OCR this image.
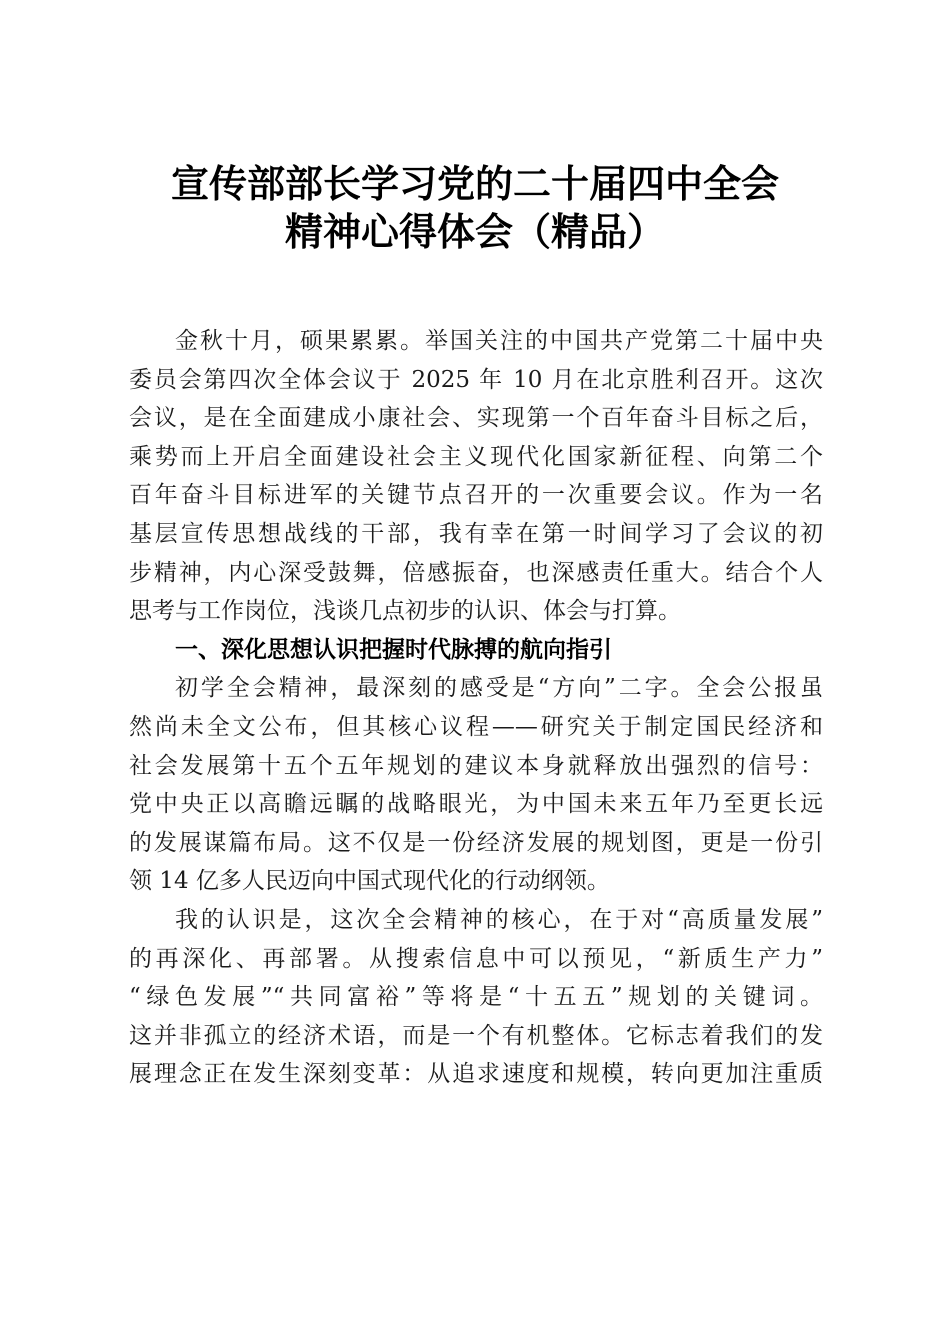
宣传部部长学习党的二十届四中全会
精神心得体会（精品）
金秋十月，硕果累累。举国关注的中国共产党第二十届中央
委员会第四次全体会议于 2025 年 10 月在北京胜利召开。这次
会议，是在全面建成小康社会、实现第一个百年奋斗目标之后，
乘势而上开启全面建设社会主义现代化国家新征程、向第二个
百年奋斗目标进军的关键节点召开的一次重要会议。作为一名
基层宣传思想战线的干部，我有幸在第一时间学习了会议的初
步精神，内心深受鼓舞，倍感振奋，也深感责任重大。结合个人
思考与工作岗位，浅谈几点初步的认识、体会与打算。
一、深化思想认识把握时代脉搏的航向指引
初学全会精神，最深刻的感受是“方向”二字。全会公报虽
然尚未全文公布，但其核心议程——研究关于制定国民经济和
社会发展第十五个五年规划的建议本身就释放出强烈的信号：
党中央正以高瞻远瞩的战略眼光，为中国未来五年乃至更长远
的发展谋篇布局。这不仅是一份经济发展的规划图，更是一份引
领 14 亿多人民迈向中国式现代化的行动纲领。
我的认识是，这次全会精神的核心，在于对“高质量发展”
的再深化、再部署。从搜索信息中可以预见，“新质生产力”
“绿色发展”“共同富裕”等将是“十五五”规划的关键词。
这并非孤立的经济术语，而是一个有机整体。它标志着我们的发
展理念正在发生深刻变革：从追求速度和规模，转向更加注重质
